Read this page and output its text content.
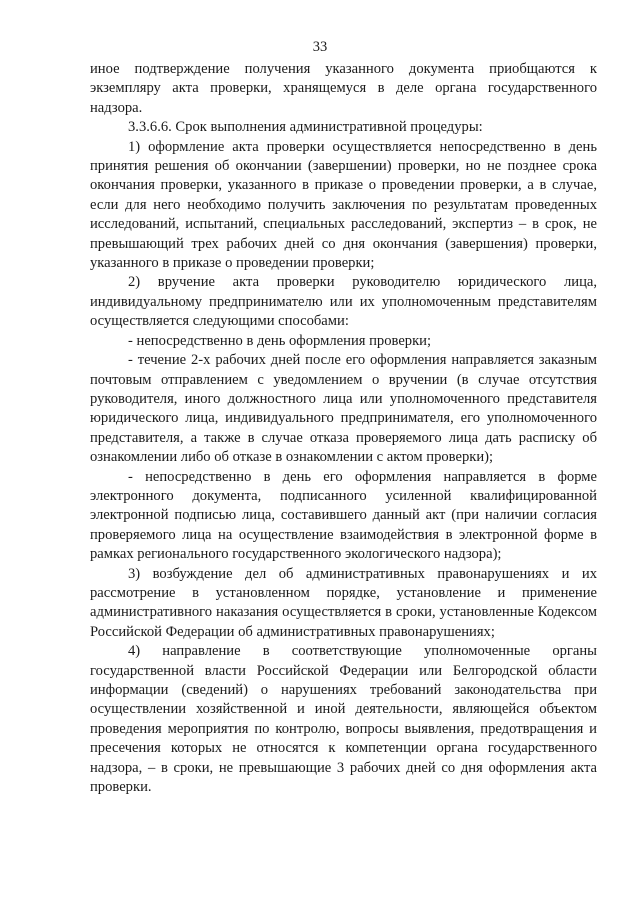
33

иное подтверждение получения указанного документа приобщаются к экземпляру акта проверки, хранящемуся в деле органа государственного надзора.

3.3.6.6. Срок выполнения административной процедуры:

1) оформление акта проверки осуществляется непосредственно в день принятия решения об окончании (завершении) проверки, но не позднее срока окончания проверки, указанного в приказе о проведении проверки, а в случае, если для него необходимо получить заключения по результатам проведенных исследований, испытаний, специальных расследований, экспертиз – в срок, не превышающий трех рабочих дней со дня окончания (завершения) проверки, указанного в приказе о проведении проверки;

2) вручение акта проверки руководителю юридического лица, индивидуальному предпринимателю или их уполномоченным представителям осуществляется следующими способами:

- непосредственно в день оформления проверки;

- течение 2-х рабочих дней после его оформления направляется заказным почтовым отправлением с уведомлением о вручении (в случае отсутствия руководителя, иного должностного лица или уполномоченного представителя юридического лица, индивидуального предпринимателя, его уполномоченного представителя, а также в случае отказа проверяемого лица дать расписку об ознакомлении либо об отказе в ознакомлении с актом проверки);

- непосредственно в день его оформления направляется в форме электронного документа, подписанного усиленной квалифицированной электронной подписью лица, составившего данный акт (при наличии согласия проверяемого лица на осуществление взаимодействия в электронной форме в рамках регионального государственного экологического надзора);

3) возбуждение дел об административных правонарушениях и их рассмотрение в установленном порядке, установление и применение административного наказания осуществляется в сроки, установленные Кодексом Российской Федерации об административных правонарушениях;

4) направление в соответствующие уполномоченные органы государственной власти Российской Федерации или Белгородской области информации (сведений) о нарушениях требований законодательства при осуществлении хозяйственной и иной деятельности, являющейся объектом проведения мероприятия по контролю, вопросы выявления, предотвращения и пресечения которых не относятся к компетенции органа государственного надзора, – в сроки, не превышающие 3 рабочих дней со дня оформления акта проверки.
